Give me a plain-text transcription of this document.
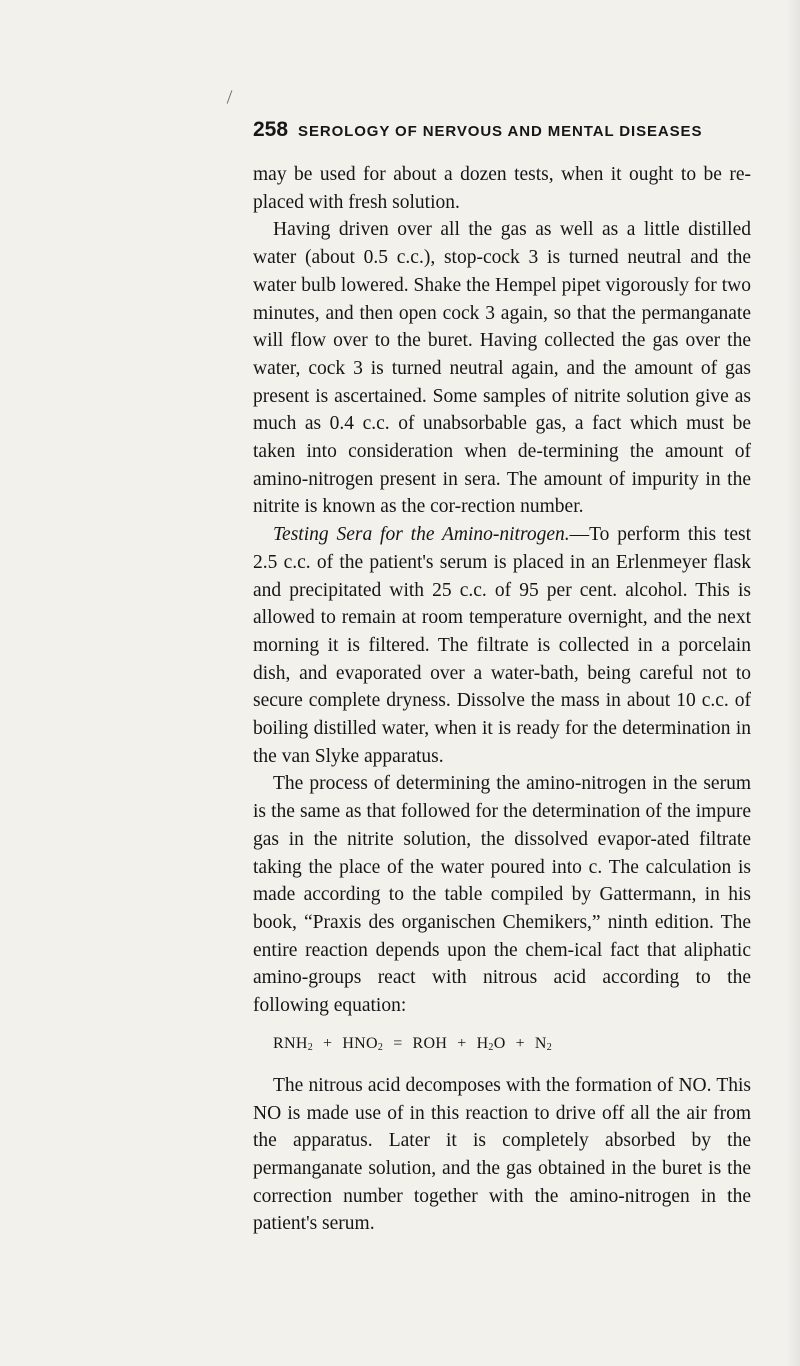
258 SEROLOGY OF NERVOUS AND MENTAL DISEASES

may be used for about a dozen tests, when it ought to be re-placed with fresh solution.

Having driven over all the gas as well as a little distilled water (about 0.5 c.c.), stop-cock 3 is turned neutral and the water bulb lowered. Shake the Hempel pipet vigorously for two minutes, and then open cock 3 again, so that the permanganate will flow over to the buret. Having collected the gas over the water, cock 3 is turned neutral again, and the amount of gas present is ascertained. Some samples of nitrite solution give as much as 0.4 c.c. of unabsorbable gas, a fact which must be taken into consideration when de-termining the amount of amino-nitrogen present in sera. The amount of impurity in the nitrite is known as the cor-rection number.

Testing Sera for the Amino-nitrogen.—To perform this test 2.5 c.c. of the patient's serum is placed in an Erlenmeyer flask and precipitated with 25 c.c. of 95 per cent. alcohol. This is allowed to remain at room temperature overnight, and the next morning it is filtered. The filtrate is collected in a porcelain dish, and evaporated over a water-bath, being careful not to secure complete dryness. Dissolve the mass in about 10 c.c. of boiling distilled water, when it is ready for the determination in the van Slyke apparatus.

The process of determining the amino-nitrogen in the serum is the same as that followed for the determination of the impure gas in the nitrite solution, the dissolved evapor-ated filtrate taking the place of the water poured into c. The calculation is made according to the table compiled by Gattermann, in his book, “Praxis des organischen Chemikers,” ninth edition. The entire reaction depends upon the chem-ical fact that aliphatic amino-groups react with nitrous acid according to the following equation:

$RNH_2 + HNO_2$ = ROH + $H_2O + N_2$

The nitrous acid decomposes with the formation of NO. This NO is made use of in this reaction to drive off all the air from the apparatus. Later it is completely absorbed by the permanganate solution, and the gas obtained in the buret is the correction number together with the amino-nitrogen in the patient's serum.
